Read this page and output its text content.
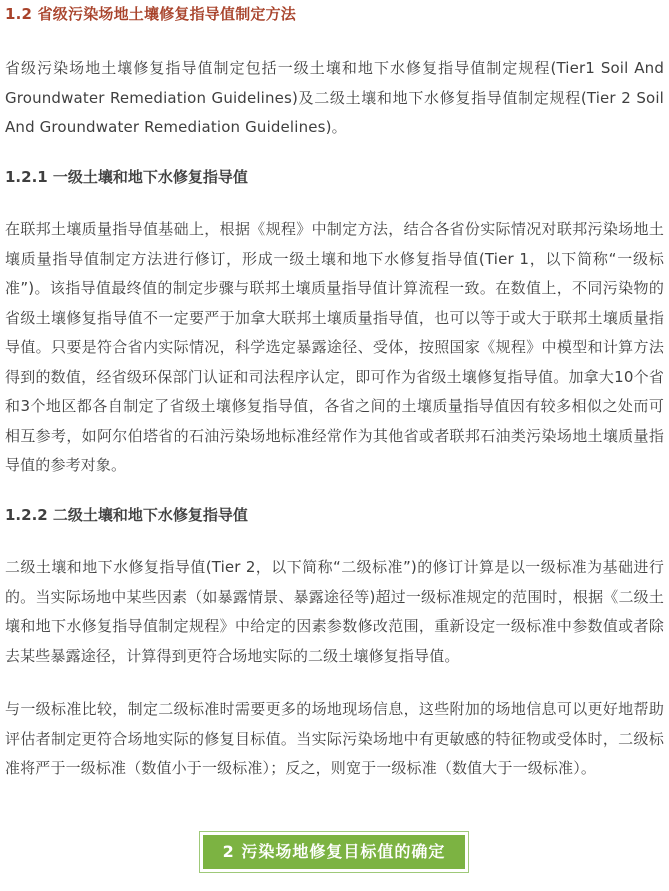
1.2 省级污染场地土壤修复指导值制定方法

省级污染场地土壤修复指导值制定包括一级土壤和地下水修复指导值制定规程(Tier1 Soil And Groundwater Remediation Guidelines)及二级土壤和地下水修复指导值制定规程(Tier 2 Soil And Groundwater Remediation Guidelines)。

1.2.1 一级土壤和地下水修复指导值

在联邦土壤质量指导值基础上，根据《规程》中制定方法，结合各省份实际情况对联邦污染场地土壤质量指导值制定方法进行修订，形成一级土壤和地下水修复指导值(Tier 1，以下简称“一级标准”)。该指导值最终值的制定步骤与联邦土壤质量指导值计算流程一致。在数值上，不同污染物的省级土壤修复指导值不一定要严于加拿大联邦土壤质量指导值，也可以等于或大于联邦土壤质量指导值。只要是符合省内实际情况，科学选定暴露途径、受体，按照国家《规程》中模型和计算方法得到的数值，经省级环保部门认证和司法程序认定，即可作为省级土壤修复指导值。加拿大10个省和3个地区都各自制定了省级土壤修复指导值，各省之间的土壤质量指导值因有较多相似之处而可相互参考，如阿尔伯塔省的石油污染场地标准经常作为其他省或者联邦石油类污染场地土壤质量指导值的参考对象。

1.2.2 二级土壤和地下水修复指导值

二级土壤和地下水修复指导值(Tier 2，以下简称“二级标准”)的修订计算是以一级标准为基础进行的。当实际场地中某些因素（如暴露情景、暴露途径等)超过一级标准规定的范围时，根据《二级土壤和地下水修复指导值制定规程》中给定的因素参数修改范围，重新设定一级标准中参数值或者除去某些暴露途径，计算得到更符合场地实际的二级土壤修复指导值。

与一级标准比较，制定二级标准时需要更多的场地现场信息，这些附加的场地信息可以更好地帮助评估者制定更符合场地实际的修复目标值。当实际污染场地中有更敏感的特征物或受体时，二级标准将严于一级标准（数值小于一级标准）；反之，则宽于一级标准（数值大于一级标准）。

2 污染场地修复目标值的确定
